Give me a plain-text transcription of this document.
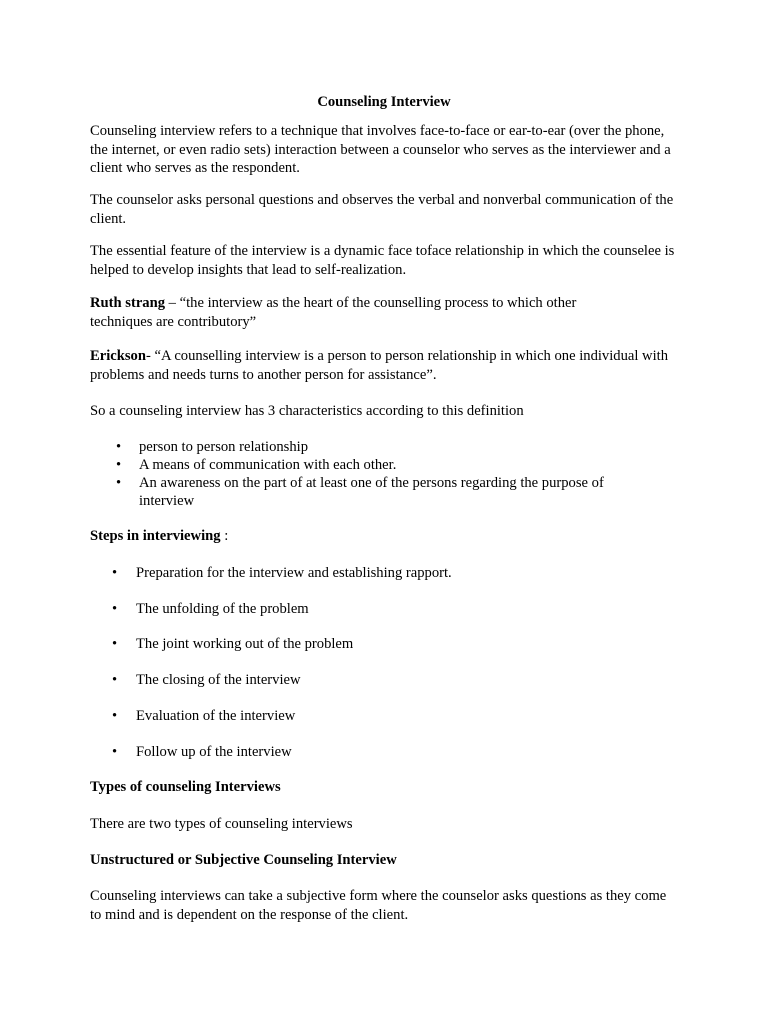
Counseling Interview

Counseling interview refers to a technique that involves face-to-face or ear-to-ear (over the phone, the internet, or even radio sets) interaction between a counselor who serves as the interviewer and a client who serves as the respondent.

The counselor asks personal questions and observes the verbal and nonverbal communication of the client.

The essential feature of the interview is a dynamic face toface relationship in which the counselee is helped to develop insights that lead to self-realization.

Ruth strang – “the interview as the heart of the counselling process to which other techniques are contributory”

Erickson- “A counselling interview is a person to person relationship in which one individual with problems and needs turns to another person for assistance”.

So a counseling interview has 3 characteristics according to this definition

• person to person relationship
• A means of communication with each other.
• An awareness on the part of at least one of the persons regarding the purpose of interview

Steps in interviewing :

• Preparation for the interview and establishing rapport.
• The unfolding of the problem
• The joint working out of the problem
• The closing of the interview
• Evaluation of the interview
• Follow up of the interview

Types of counseling Interviews

There are two types of counseling interviews

Unstructured or Subjective Counseling Interview

Counseling interviews can take a subjective form where the counselor asks questions as they come to mind and is dependent on the response of the client.
